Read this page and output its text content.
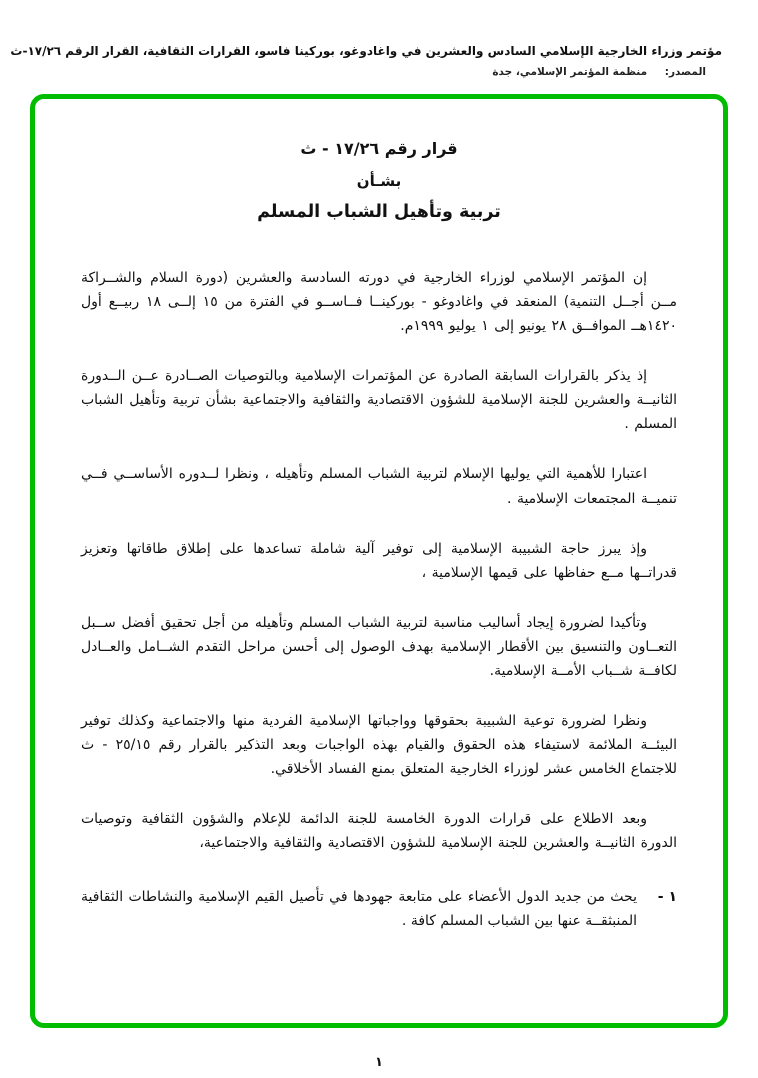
مؤتمر وزراء الخارجية الإسلامي السادس والعشرين في واغادوغو، بوركينا فاسو، القرارات الثقافية، القرار الرقم ١٧/٢٦-ث
المصدر: منظمة المؤتمر الإسلامي، جدة
قرار رقم ١٧/٢٦ - ث
بشـأن
تربية وتأهيل الشباب المسلم
إن المؤتمر الإسلامي لوزراء الخارجية في دورته السادسة والعشرين (دورة السلام والشــراكة مــن أجــل التنمية) المنعقد في واغادوغو - بوركينــا فــاســو في الفترة من ١٥ إلــى ١٨ ربيــع أول ١٤٢٠هــ الموافــق ٢٨ يونيو إلى ١ يوليو ١٩٩٩م.
إذ يذكر بالقرارات السابقة الصادرة عن المؤتمرات الإسلامية وبالتوصيات الصــادرة عــن الــدورة الثانيــة والعشرين للجنة الإسلامية للشؤون الاقتصادية والثقافية والاجتماعية بشأن تربية وتأهيل الشباب المسلم .
اعتبارا للأهمية التي يوليها الإسلام لتربية الشباب المسلم وتأهيله ، ونظرا لــدوره الأساســي فــي تنميــة المجتمعات الإسلامية .
وإذ يبرز حاجة الشبيبة الإسلامية إلى توفير آلية شاملة تساعدها على إطلاق طاقاتها وتعزيز قدراتــها مــع حفاظها على قيمها الإسلامية ،
وتأكيدا لضرورة إيجاد أساليب مناسبة لتربية الشباب المسلم وتأهيله من أجل تحقيق أفضل ســبل التعــاون والتنسيق بين الأقطار الإسلامية بهدف الوصول إلى أحسن مراحل التقدم الشــامل والعــادل لكافــة شــباب الأمــة الإسلامية.
ونظرا لضرورة توعية الشبيبة بحقوقها وواجباتها الإسلامية الفردية منها والاجتماعية وكذلك توفير البيئــة الملائمة لاستيفاء هذه الحقوق والقيام بهذه الواجبات وبعد التذكير بالقرار رقم ٢٥/١٥ - ث للاجتماع الخامس عشر لوزراء الخارجية المتعلق بمنع الفساد الأخلاقي.
وبعد الاطلاع على قرارات الدورة الخامسة للجنة الدائمة للإعلام والشؤون الثقافية وتوصيات الدورة الثانيــة والعشرين للجنة الإسلامية للشؤون الاقتصادية والثقافية والاجتماعية،
١ -
يحث من جديد الدول الأعضاء على متابعة جهودها في تأصيل القيم الإسلامية والنشاطات الثقافية المنبثقــة عنها بين الشباب المسلم كافة .
١
